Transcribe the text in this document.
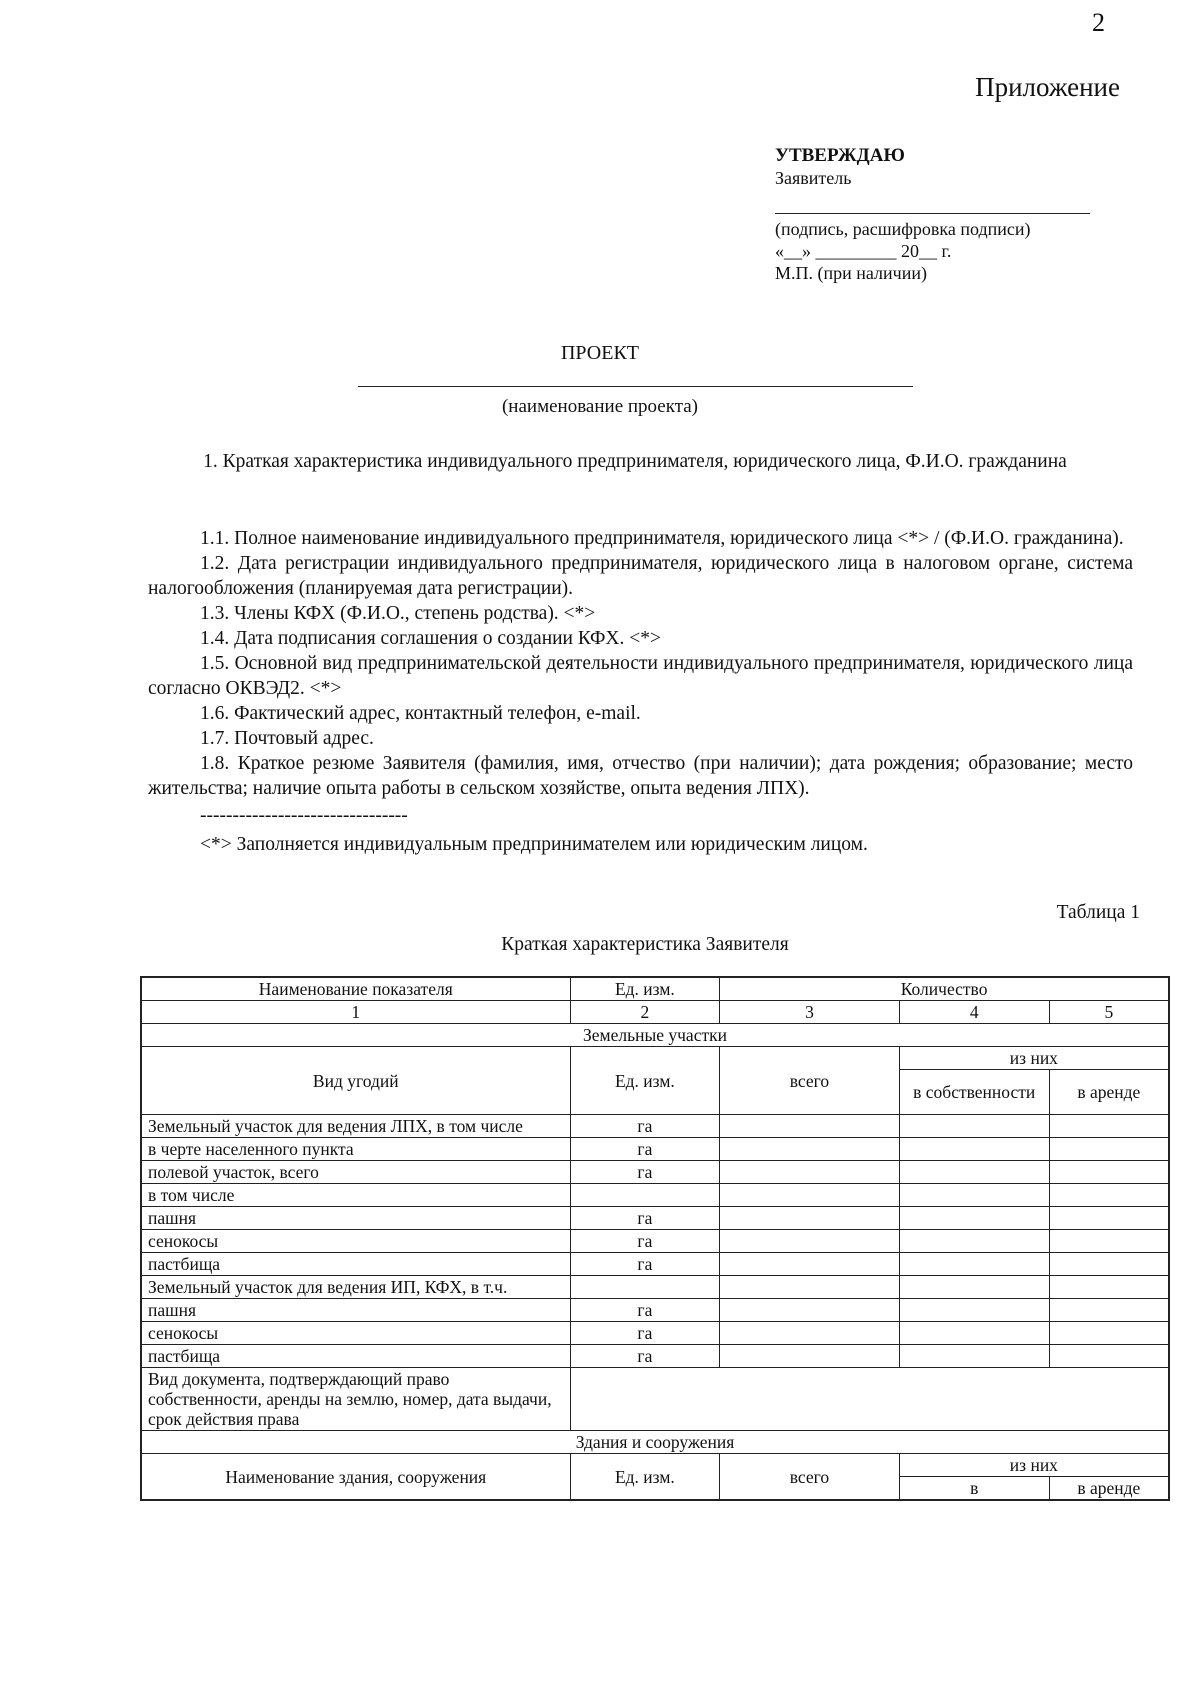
2
Приложение
УТВЕРЖДАЮ
Заявитель
(подпись, расшифровка подписи)
«__» _________ 20__ г.
М.П. (при наличии)
ПРОЕКТ
(наименование проекта)
1. Краткая характеристика индивидуального предпринимателя, юридического лица, Ф.И.О. гражданина

1.1. Полное наименование индивидуального предпринимателя, юридического лица <*> / (Ф.И.О. гражданина).

1.2. Дата регистрации индивидуального предпринимателя, юридического лица в налоговом органе, система налогообложения (планируемая дата регистрации).

1.3. Члены КФХ (Ф.И.О., степень родства). <*>

1.4. Дата подписания соглашения о создании КФХ. <*>

1.5. Основной вид предпринимательской деятельности индивидуального предпринимателя, юридического лица согласно ОКВЭД2. <*>

1.6. Фактический адрес, контактный телефон, e-mail.

1.7. Почтовый адрес.

1.8. Краткое резюме Заявителя (фамилия, имя, отчество (при наличии); дата рождения; образование; место жительства; наличие опыта работы в сельском хозяйстве, опыта ведения ЛПХ).

--------------------------------

<*> Заполняется индивидуальным предпринимателем или юридическим лицом.

Таблица 1
Краткая характеристика Заявителя
Наименование показателя	Ед. изм.	Количество		
1	2	3	4	5
Земельные участки				
Вид угодий	Ед. изм.	всего	из них	
			в собственности	в аренде
Земельный участок для ведения ЛПХ, в том числе	га			
в черте населенного пункта	га			
полевой участок, всего	га			
в том числе				
пашня	га			
сенокосы	га			
пастбища	га			
Земельный участок для ведения ИП, КФХ, в т.ч.				
пашня	га			
сенокосы	га			
пастбища	га			
Вид документа, подтверждающий право собственности, аренды на землю, номер, дата выдачи, срок действия права				
Здания и сооружения				
Наименование здания, сооружения	Ед. изм.	всего	из них	
			в	в аренде
